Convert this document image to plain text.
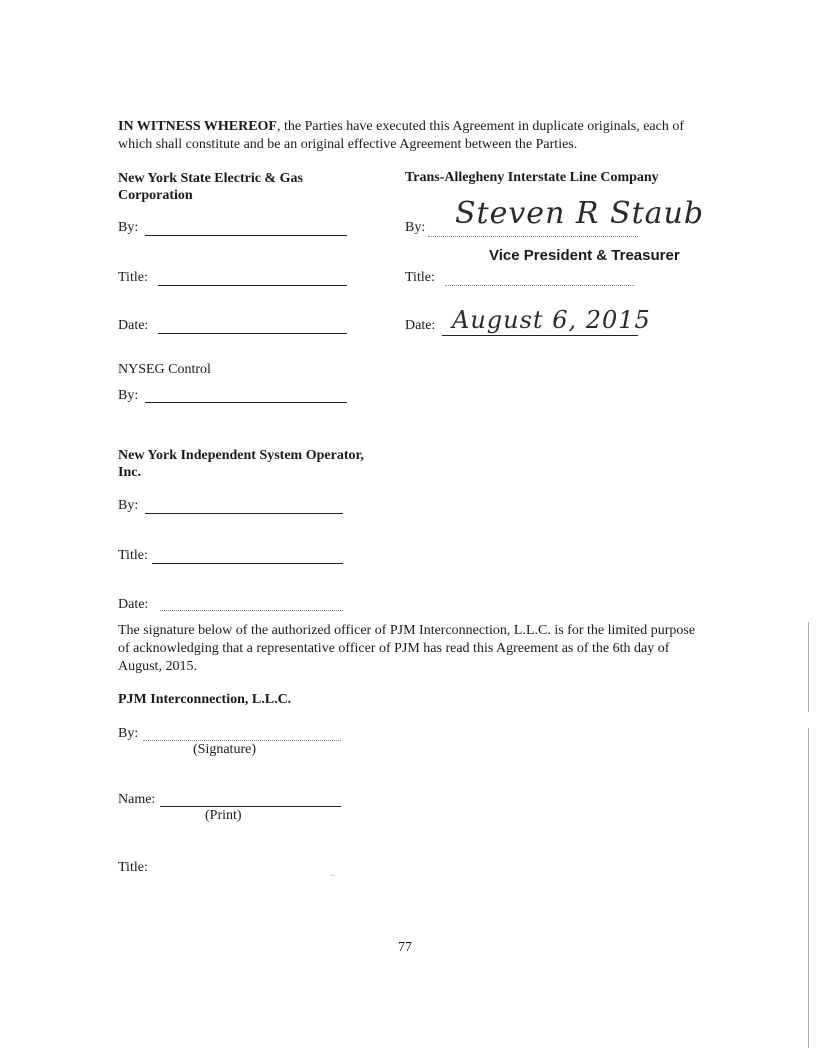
IN WITNESS WHEREOF, the Parties have executed this Agreement in duplicate originals, each of which shall constitute and be an original effective Agreement between the Parties.
New York State Electric & Gas
Corporation
By:
Title:
Date:
Trans-Allegheny Interstate Line Company
By: Steven R Staub
Vice President & Treasurer
Title:
Date: August 6, 2015
NYSEG Control
By:
New York Independent System Operator,
Inc.
By:
Title:
Date:
The signature below of the authorized officer of PJM Interconnection, L.L.C. is for the limited purpose of acknowledging that a representative officer of PJM has read this Agreement as of the 6th day of August, 2015.
PJM Interconnection, L.L.C.
By:
(Signature)
Name:
(Print)
Title:	..
77
